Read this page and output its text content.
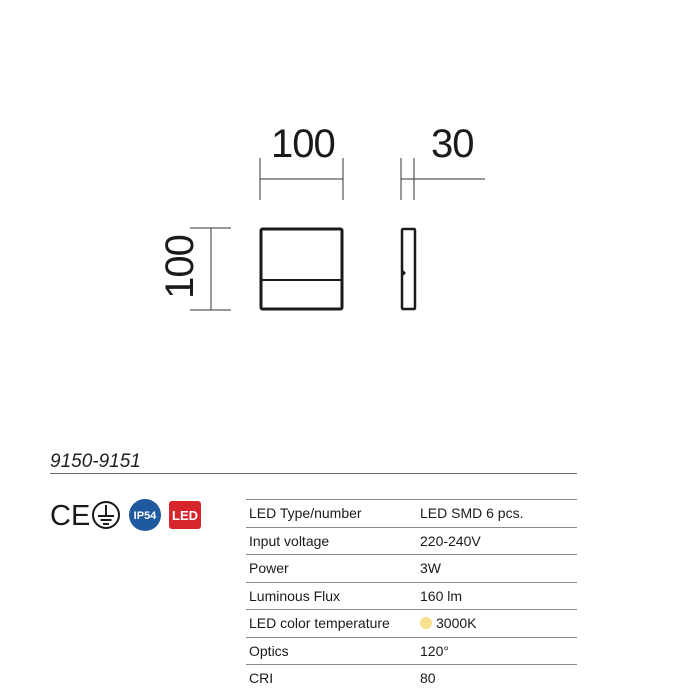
100 30
100
9150-9151
CE	IP54 LED	LED Type/number	LED SMD 6 pcs.
Input voltage	220-240V
Power	3W
Luminous Flux	160 lm
LED color temperature	3000K
Optics	120°
CRI	80
